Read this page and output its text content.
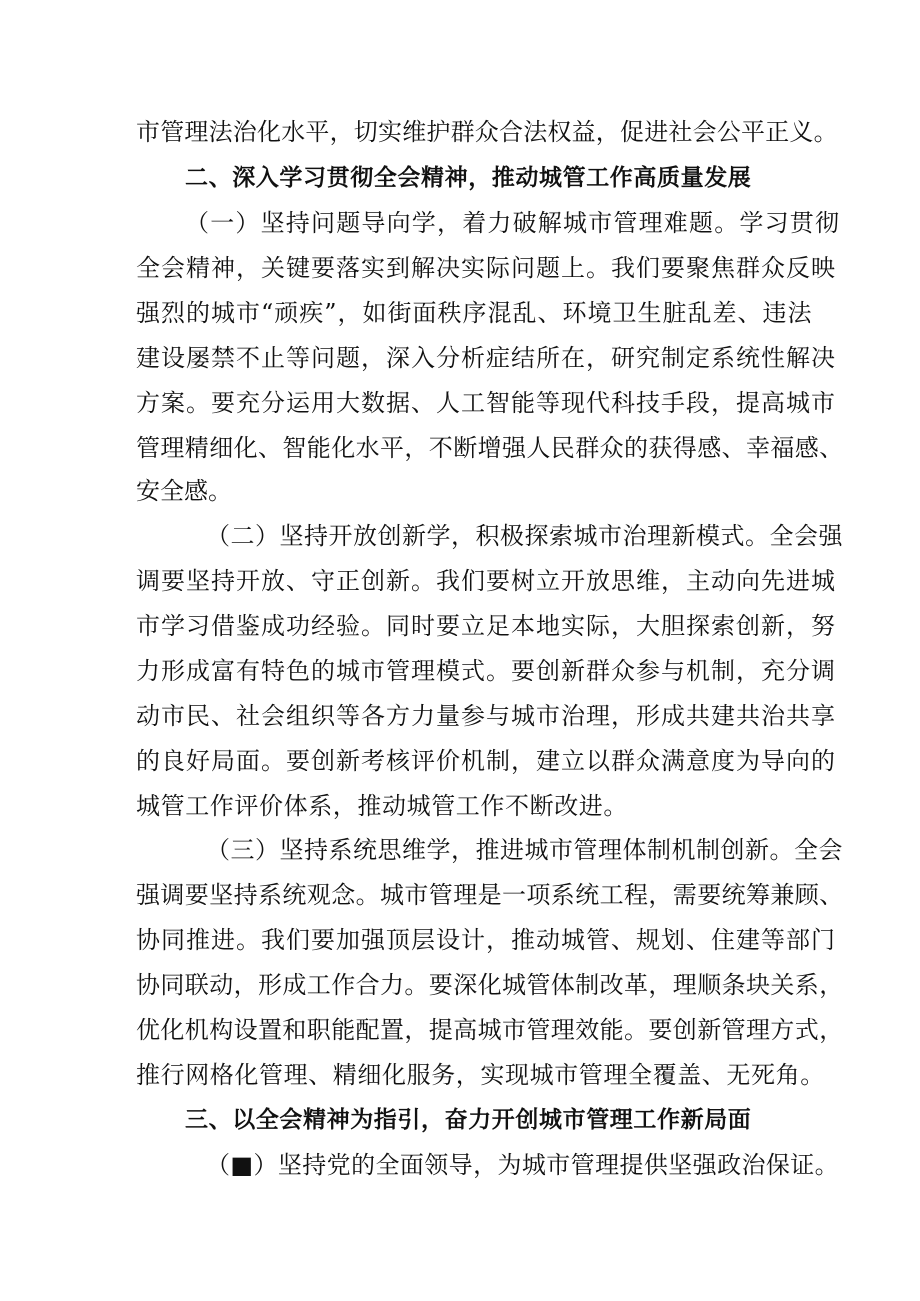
市管理法治化水平，切实维护群众合法权益，促进社会公平正义。
二、深入学习贯彻全会精神，推动城管工作高质量发展
（一）坚持问题导向学，着力破解城市管理难题。学习贯彻
全会精神，关键要落实到解决实际问题上。我们要聚焦群众反映
强烈的城市“顽疾”，如街面秩序混乱、环境卫生脏乱差、违法
建设屡禁不止等问题，深入分析症结所在，研究制定系统性解决
方案。要充分运用大数据、人工智能等现代科技手段，提高城市
管理精细化、智能化水平，不断增强人民群众的获得感、幸福感、
安全感。
（二）坚持开放创新学，积极探索城市治理新模式。全会强
调要坚持开放、守正创新。我们要树立开放思维，主动向先进城
市学习借鉴成功经验。同时要立足本地实际，大胆探索创新，努
力形成富有特色的城市管理模式。要创新群众参与机制，充分调
动市民、社会组织等各方力量参与城市治理，形成共建共治共享
的良好局面。要创新考核评价机制，建立以群众满意度为导向的
城管工作评价体系，推动城管工作不断改进。
（三）坚持系统思维学，推进城市管理体制机制创新。全会
强调要坚持系统观念。城市管理是一项系统工程，需要统筹兼顾、
协同推进。我们要加强顶层设计，推动城管、规划、住建等部门
协同联动，形成工作合力。要深化城管体制改革，理顺条块关系，
优化机构设置和职能配置，提高城市管理效能。要创新管理方式，
推行网格化管理、精细化服务，实现城市管理全覆盖、无死角。
三、以全会精神为指引，奋力开创城市管理工作新局面
（■）坚持党的全面领导，为城市管理提供坚强政治保证。
